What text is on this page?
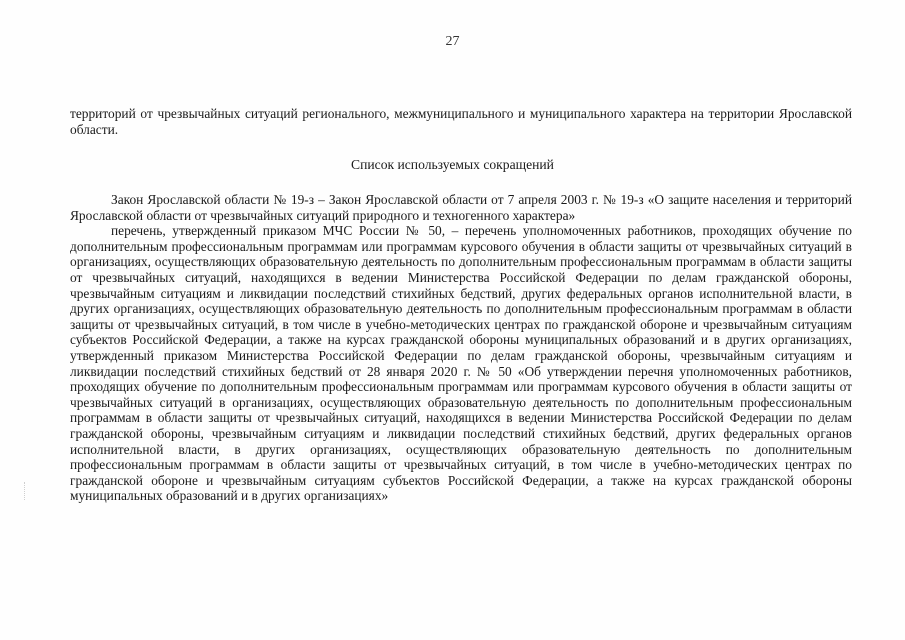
27

территорий от чрезвычайных ситуаций регионального, межмуниципального и муниципального характера на территории Ярославской области.

Список используемых сокращений

Закон Ярославской области № 19-з – Закон Ярославской области от 7 апреля 2003 г. № 19-з «О защите населения и территорий Ярославской области от чрезвычайных ситуаций природного и техногенного характера»

перечень, утвержденный приказом МЧС России № 50, – перечень уполномоченных работников, проходящих обучение по дополнительным профессиональным программам или программам курсового обучения в области защиты от чрезвычайных ситуаций в организациях, осуществляющих образовательную деятельность по дополнительным профессиональным программам в области защиты от чрезвычайных ситуаций, находящихся в ведении Министерства Российской Федерации по делам гражданской обороны, чрезвычайным ситуациям и ликвидации последствий стихийных бедствий, других федеральных органов исполнительной власти, в других организациях, осуществляющих образовательную деятельность по дополнительным профессиональным программам в области защиты от чрезвычайных ситуаций, в том числе в учебно-методических центрах по гражданской обороне и чрезвычайным ситуациям субъектов Российской Федерации, а также на курсах гражданской обороны муниципальных образований и в других организациях, утвержденный приказом Министерства Российской Федерации по делам гражданской обороны, чрезвычайным ситуациям и ликвидации последствий стихийных бедствий от 28 января 2020 г. № 50 «Об утверждении перечня уполномоченных работников, проходящих обучение по дополнительным профессиональным программам или программам курсового обучения в области защиты от чрезвычайных ситуаций в организациях, осуществляющих образовательную деятельность по дополнительным профессиональным программам в области защиты от чрезвычайных ситуаций, находящихся в ведении Министерства Российской Федерации по делам гражданской обороны, чрезвычайным ситуациям и ликвидации последствий стихийных бедствий, других федеральных органов исполнительной власти, в других организациях, осуществляющих образовательную деятельность по дополнительным профессиональным программам в области защиты от чрезвычайных ситуаций, в том числе в учебно-методических центрах по гражданской обороне и чрезвычайным ситуациям субъектов Российской Федерации, а также на курсах гражданской обороны муниципальных образований и в других организациях»
